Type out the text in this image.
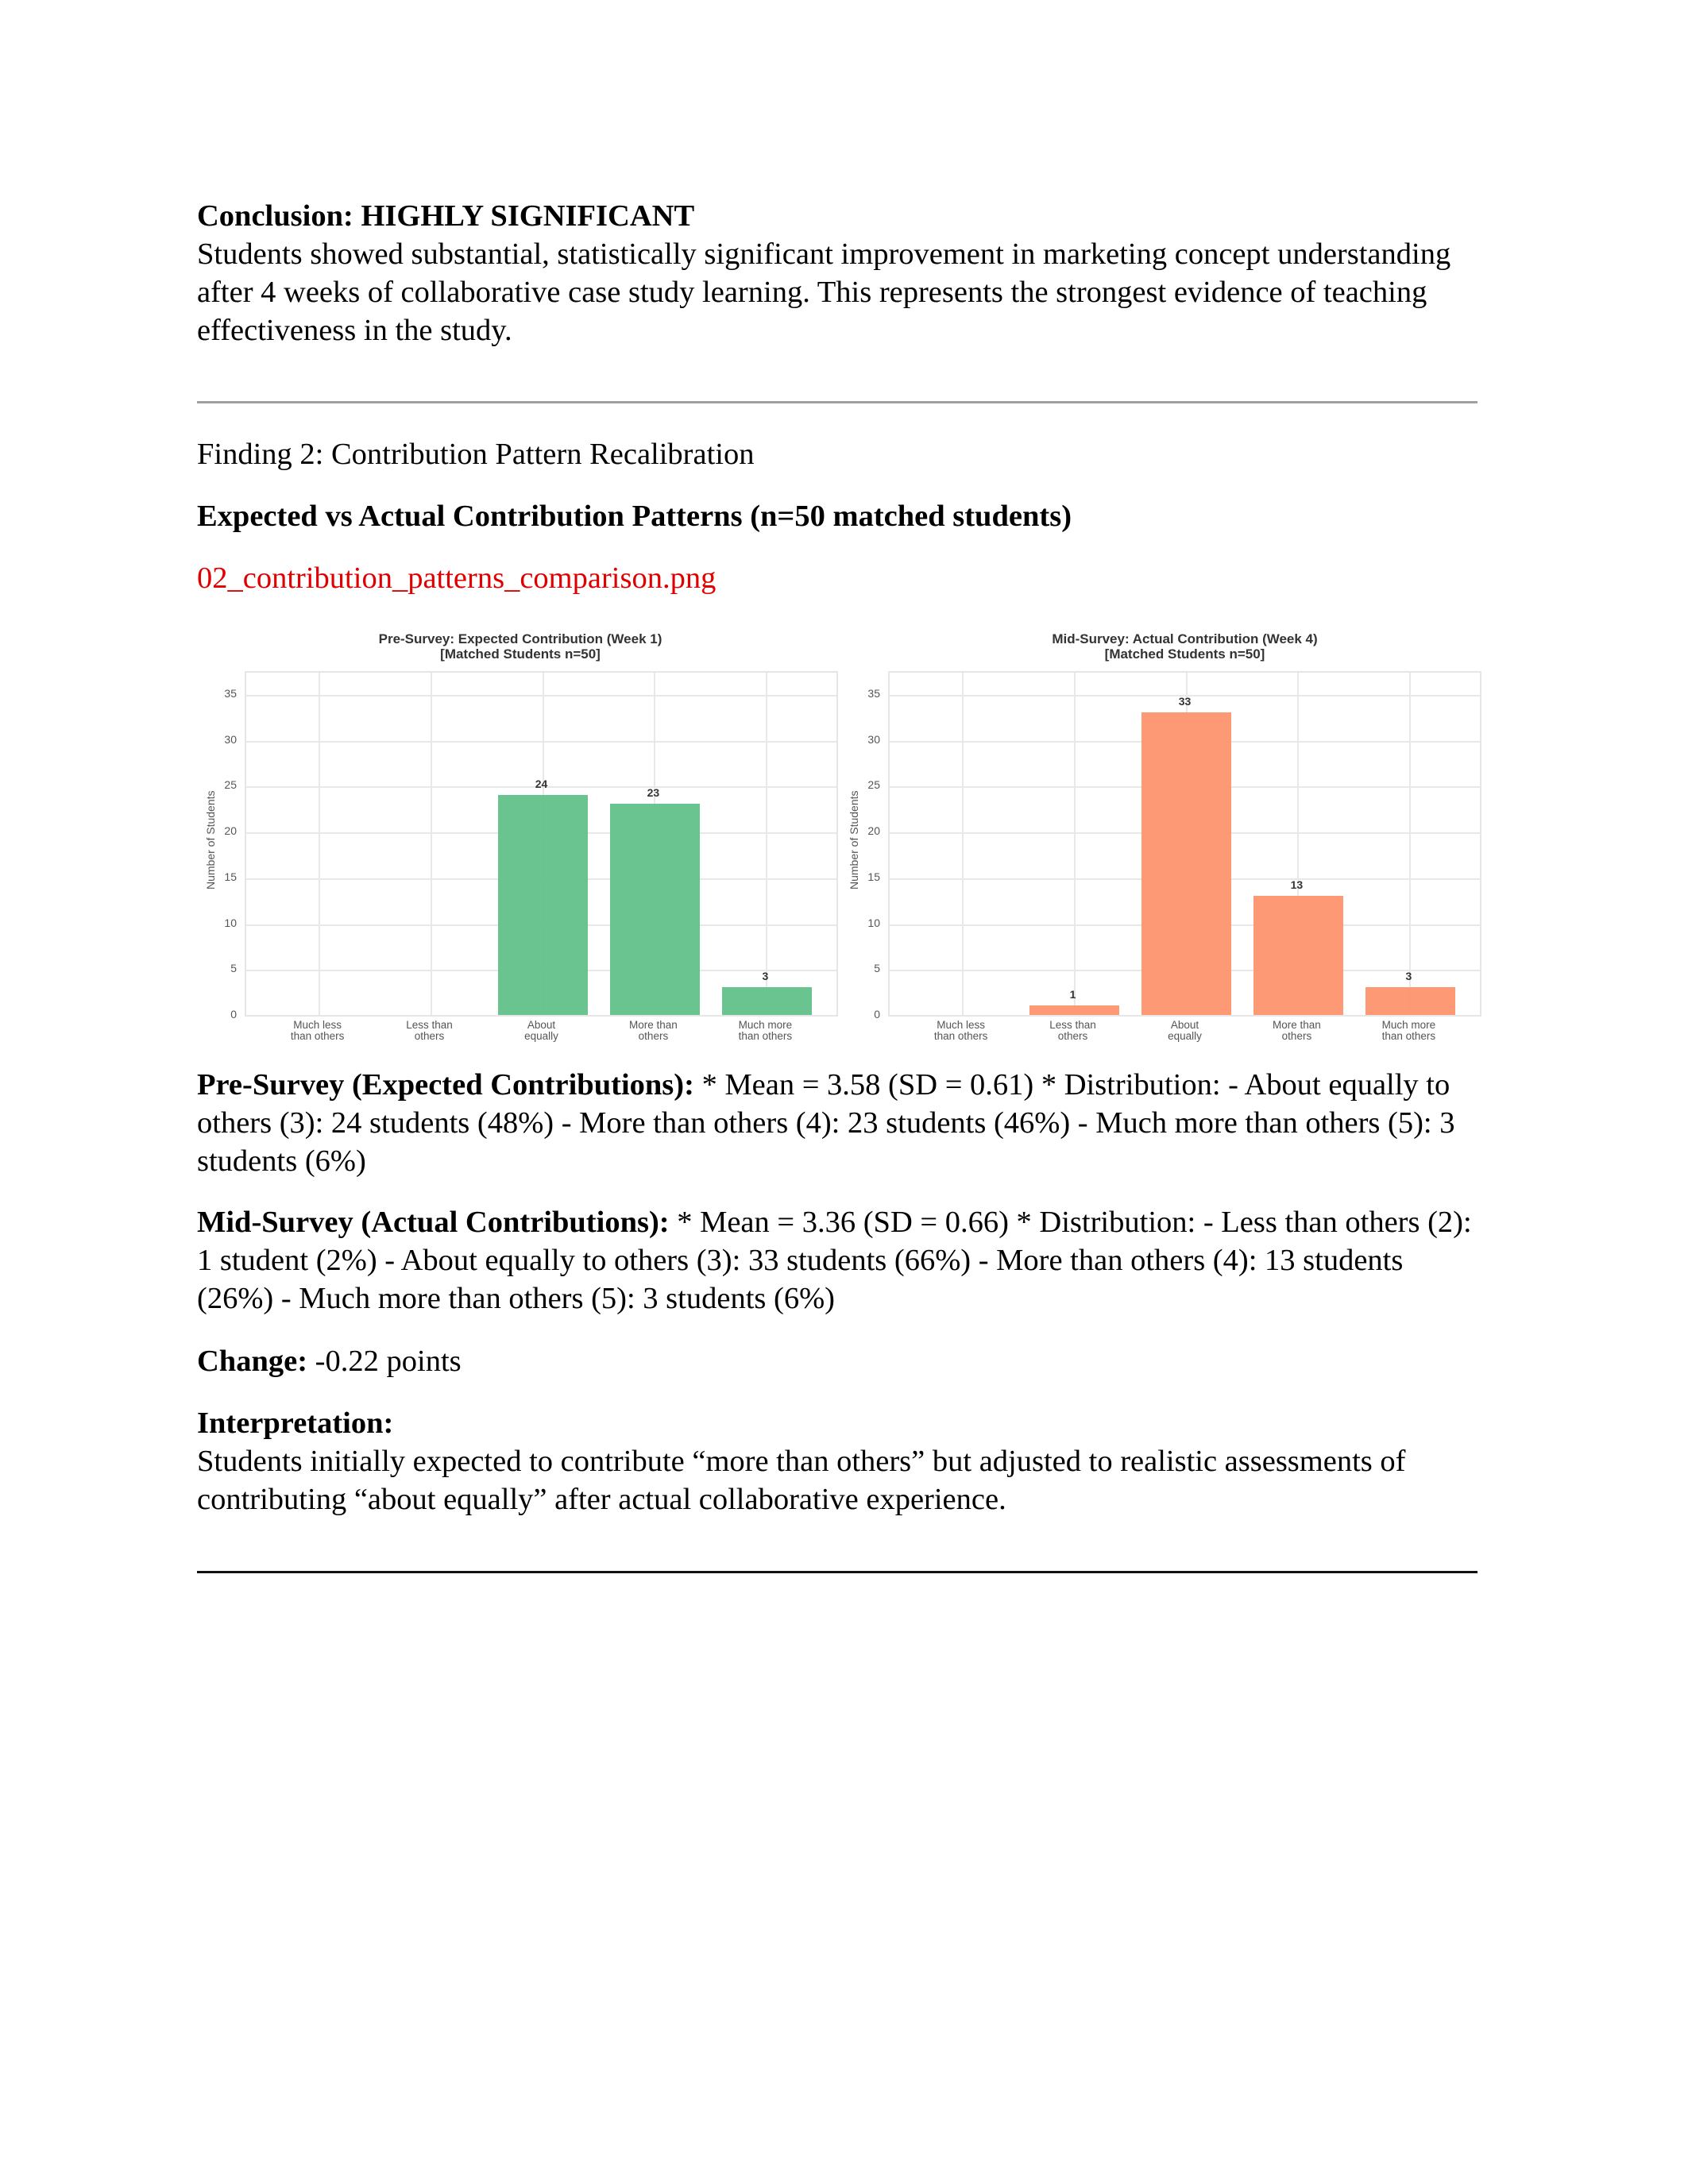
Conclusion: HIGHLY SIGNIFICANT
Students showed substantial, statistically significant improvement in marketing concept understanding after 4 weeks of collaborative case study learning. This represents the strongest evidence of teaching effectiveness in the study.
Finding 2: Contribution Pattern Recalibration
Expected vs Actual Contribution Patterns (n=50 matched students)
02_contribution_patterns_comparison.png
Pre-Survey (Expected Contributions): * Mean = 3.58 (SD = 0.61) * Distribution: - About equally to others (3): 24 students (48%) - More than others (4): 23 students (46%) - Much more than others (5): 3 students (6%)
Mid-Survey (Actual Contributions): * Mean = 3.36 (SD = 0.66) * Distribution: - Less than others (2): 1 student (2%) - About equally to others (3): 33 students (66%) - More than others (4): 13 students (26%) - Much more than others (5): 3 students (6%)
Change: -0.22 points
Interpretation:
Students initially expected to contribute “more than others” but adjusted to realistic assessments of contributing “about equally” after actual collaborative experience.
Pre-Survey: Expected Contribution (Week 1)
[Matched Students n=50]
Number of Students
0
5
10
15
20
25
30
35
Much less
than others
Less than
others
24
About
equally
23
More than
others
3
Much more
than others
Mid-Survey: Actual Contribution (Week 4)
[Matched Students n=50]
Number of Students
0
5
10
15
20
25
30
35
Much less
than others
1
Less than
others
33
About
equally
13
More than
others
3
Much more
than others
